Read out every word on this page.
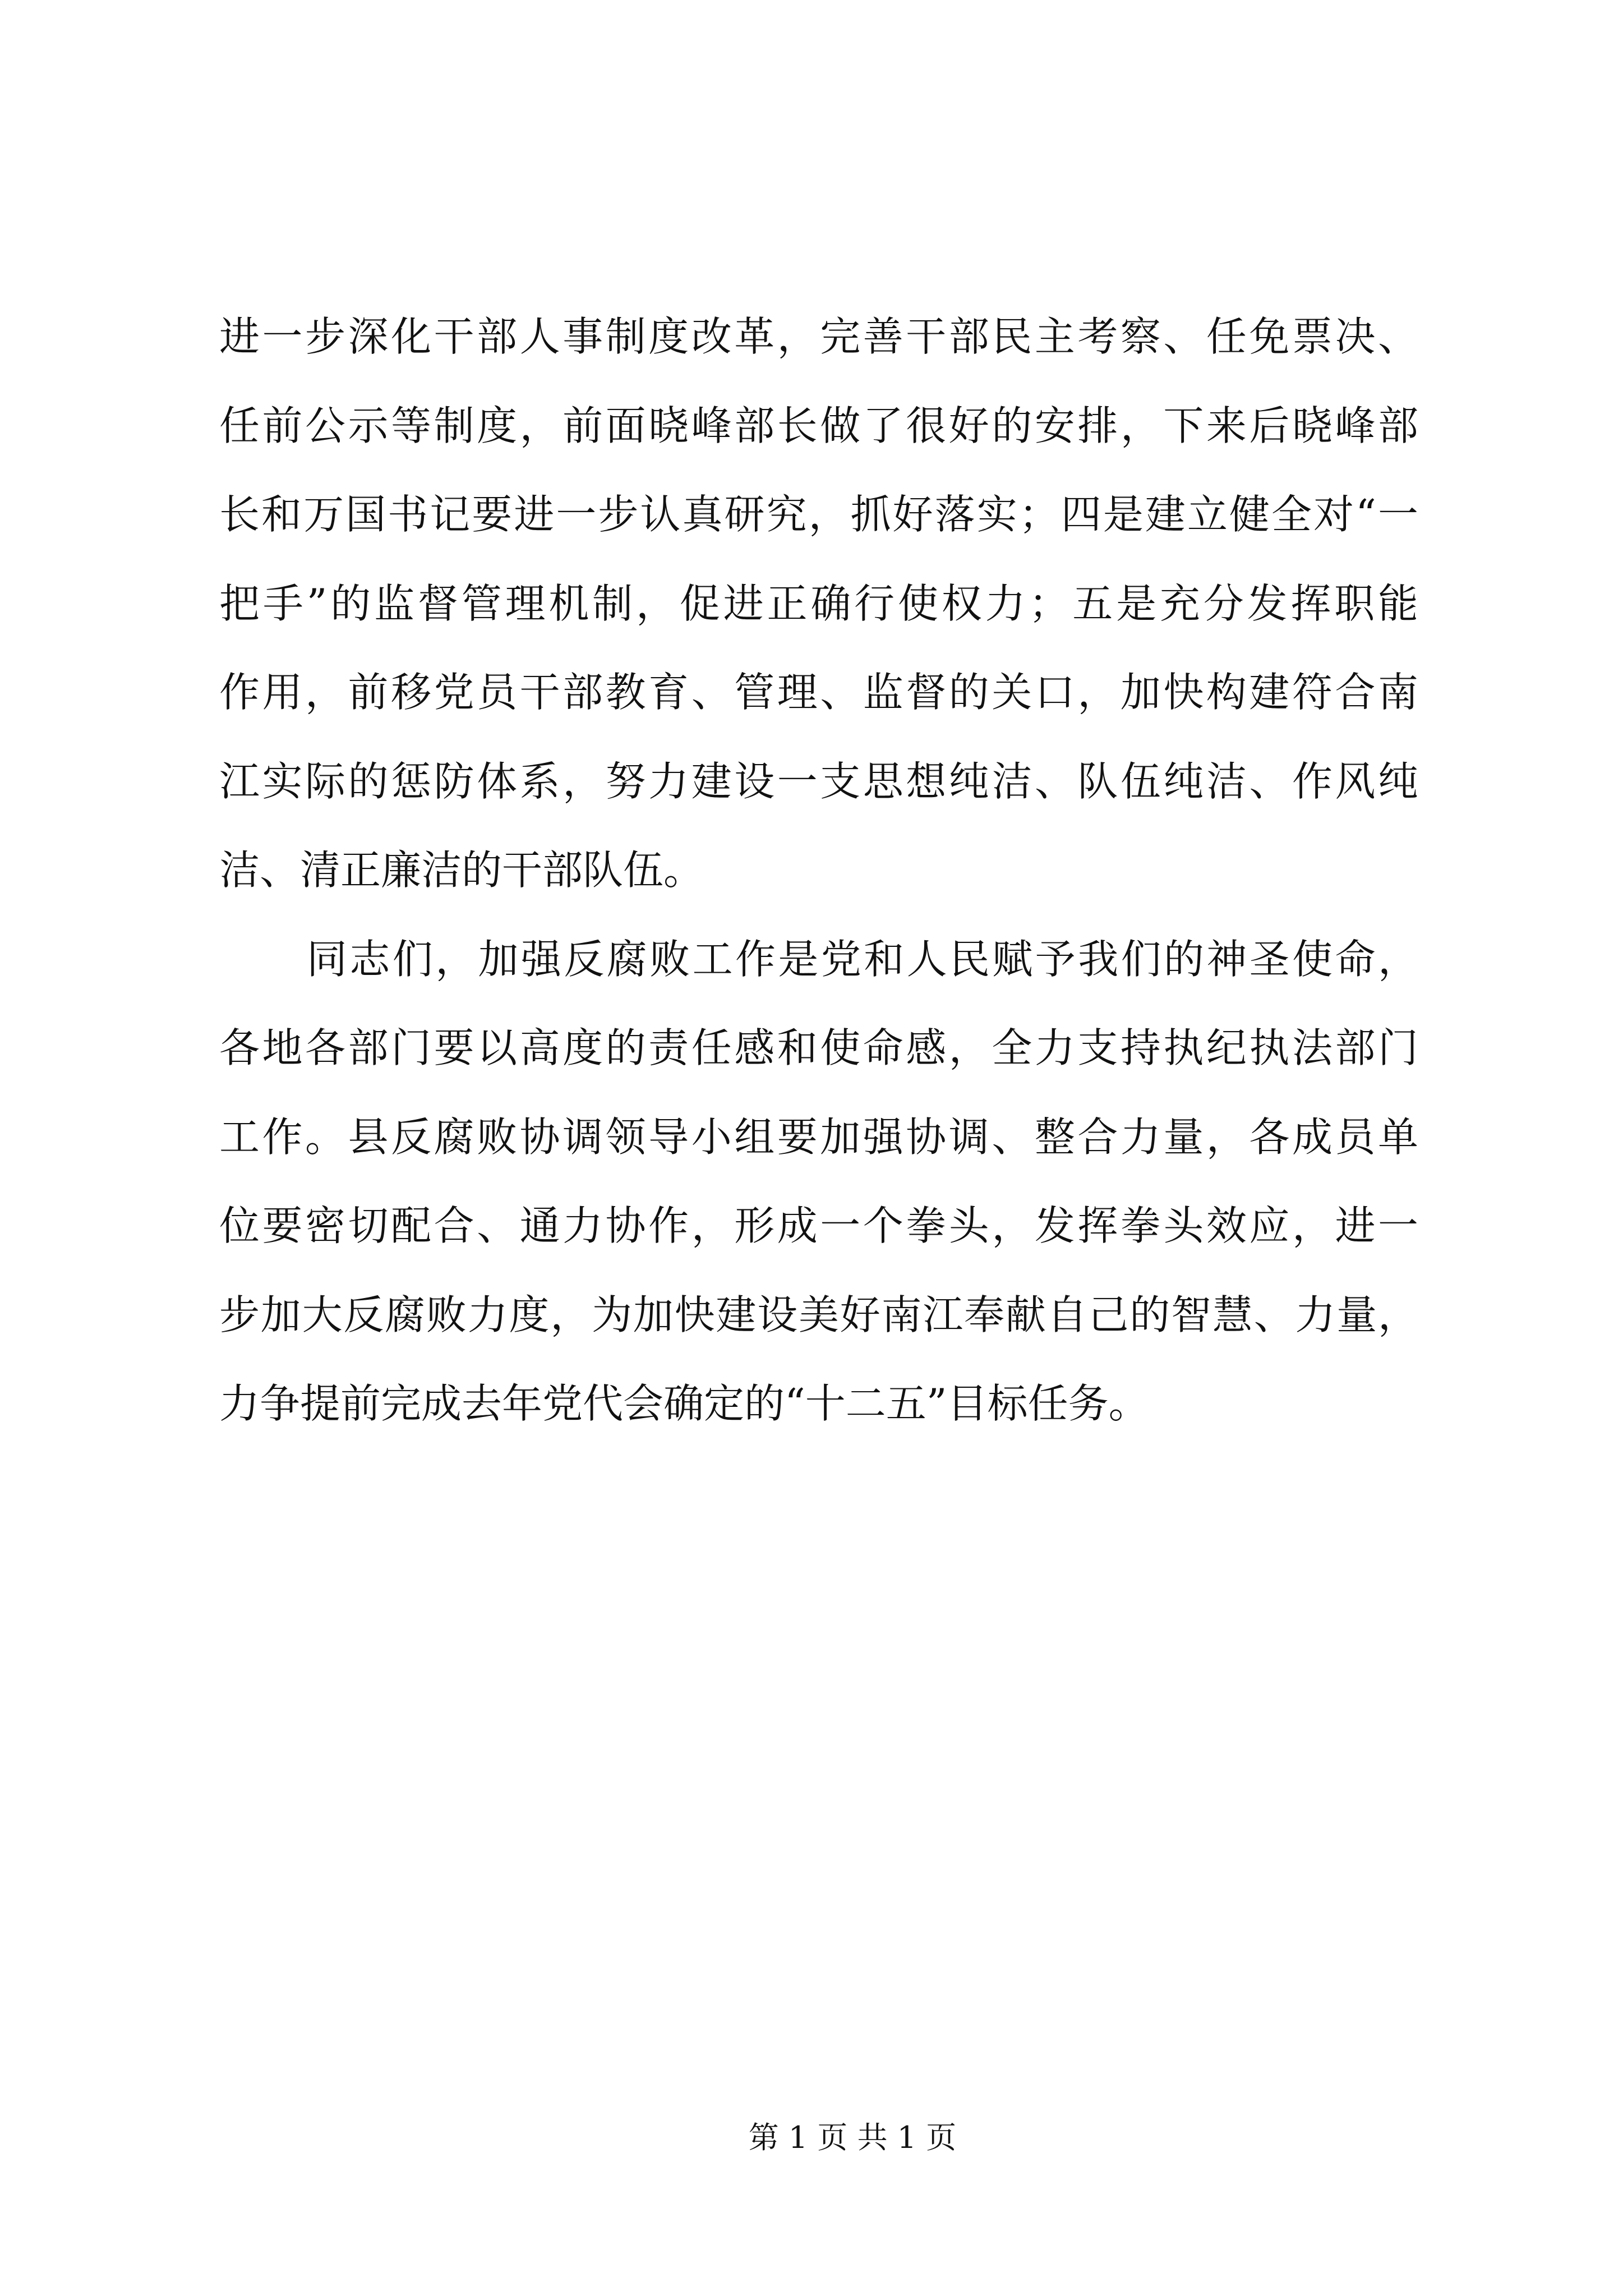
进一步深化干部人事制度改革，完善干部民主考察、任免票决、
任前公示等制度，前面晓峰部长做了很好的安排，下来后晓峰部
长和万国书记要进一步认真研究，抓好落实；四是建立健全对“一
把手”的监督管理机制，促进正确行使权力；五是充分发挥职能
作用，前移党员干部教育、管理、监督的关口，加快构建符合南
江实际的惩防体系，努力建设一支思想纯洁、队伍纯洁、作风纯
洁、清正廉洁的干部队伍。
同志们，加强反腐败工作是党和人民赋予我们的神圣使命，
各地各部门要以高度的责任感和使命感，全力支持执纪执法部门
工作。县反腐败协调领导小组要加强协调、整合力量，各成员单
位要密切配合、通力协作，形成一个拳头，发挥拳头效应，进一
步加大反腐败力度，为加快建设美好南江奉献自己的智慧、力量，
力争提前完成去年党代会确定的“十二五”目标任务。
第 1 页 共 1 页
